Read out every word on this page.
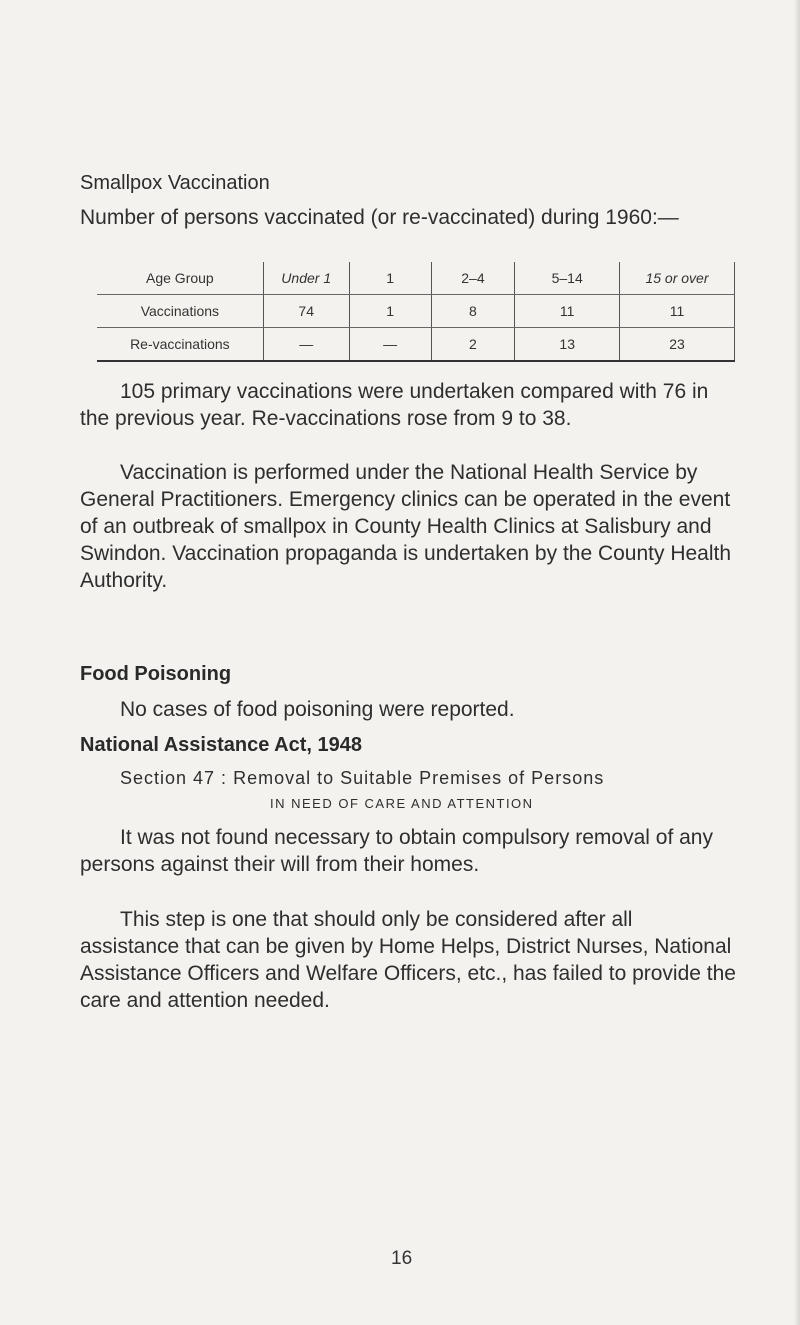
Smallpox Vaccination
Number of persons vaccinated (or re-vaccinated) during 1960:—
Age Group	Under 1	1	2–4	5–14	15 or over
Vaccinations	74	1	8	11	11
Re-vaccinations	—	—	2	13	23
105 primary vaccinations were undertaken compared with 76 in the previous year. Re-vaccinations rose from 9 to 38.
Vaccination is performed under the National Health Service by General Practitioners. Emergency clinics can be operated in the event of an outbreak of smallpox in County Health Clinics at Salisbury and Swindon. Vaccination propaganda is undertaken by the County Health Authority.
Food Poisoning
No cases of food poisoning were reported.
National Assistance Act, 1948
Section 47 : Removal to Suitable Premises of Persons
IN NEED OF CARE AND ATTENTION
It was not found necessary to obtain compulsory removal of any persons against their will from their homes.
This step is one that should only be considered after all assistance that can be given by Home Helps, District Nurses, National Assistance Officers and Welfare Officers, etc., has failed to provide the care and attention needed.
16
